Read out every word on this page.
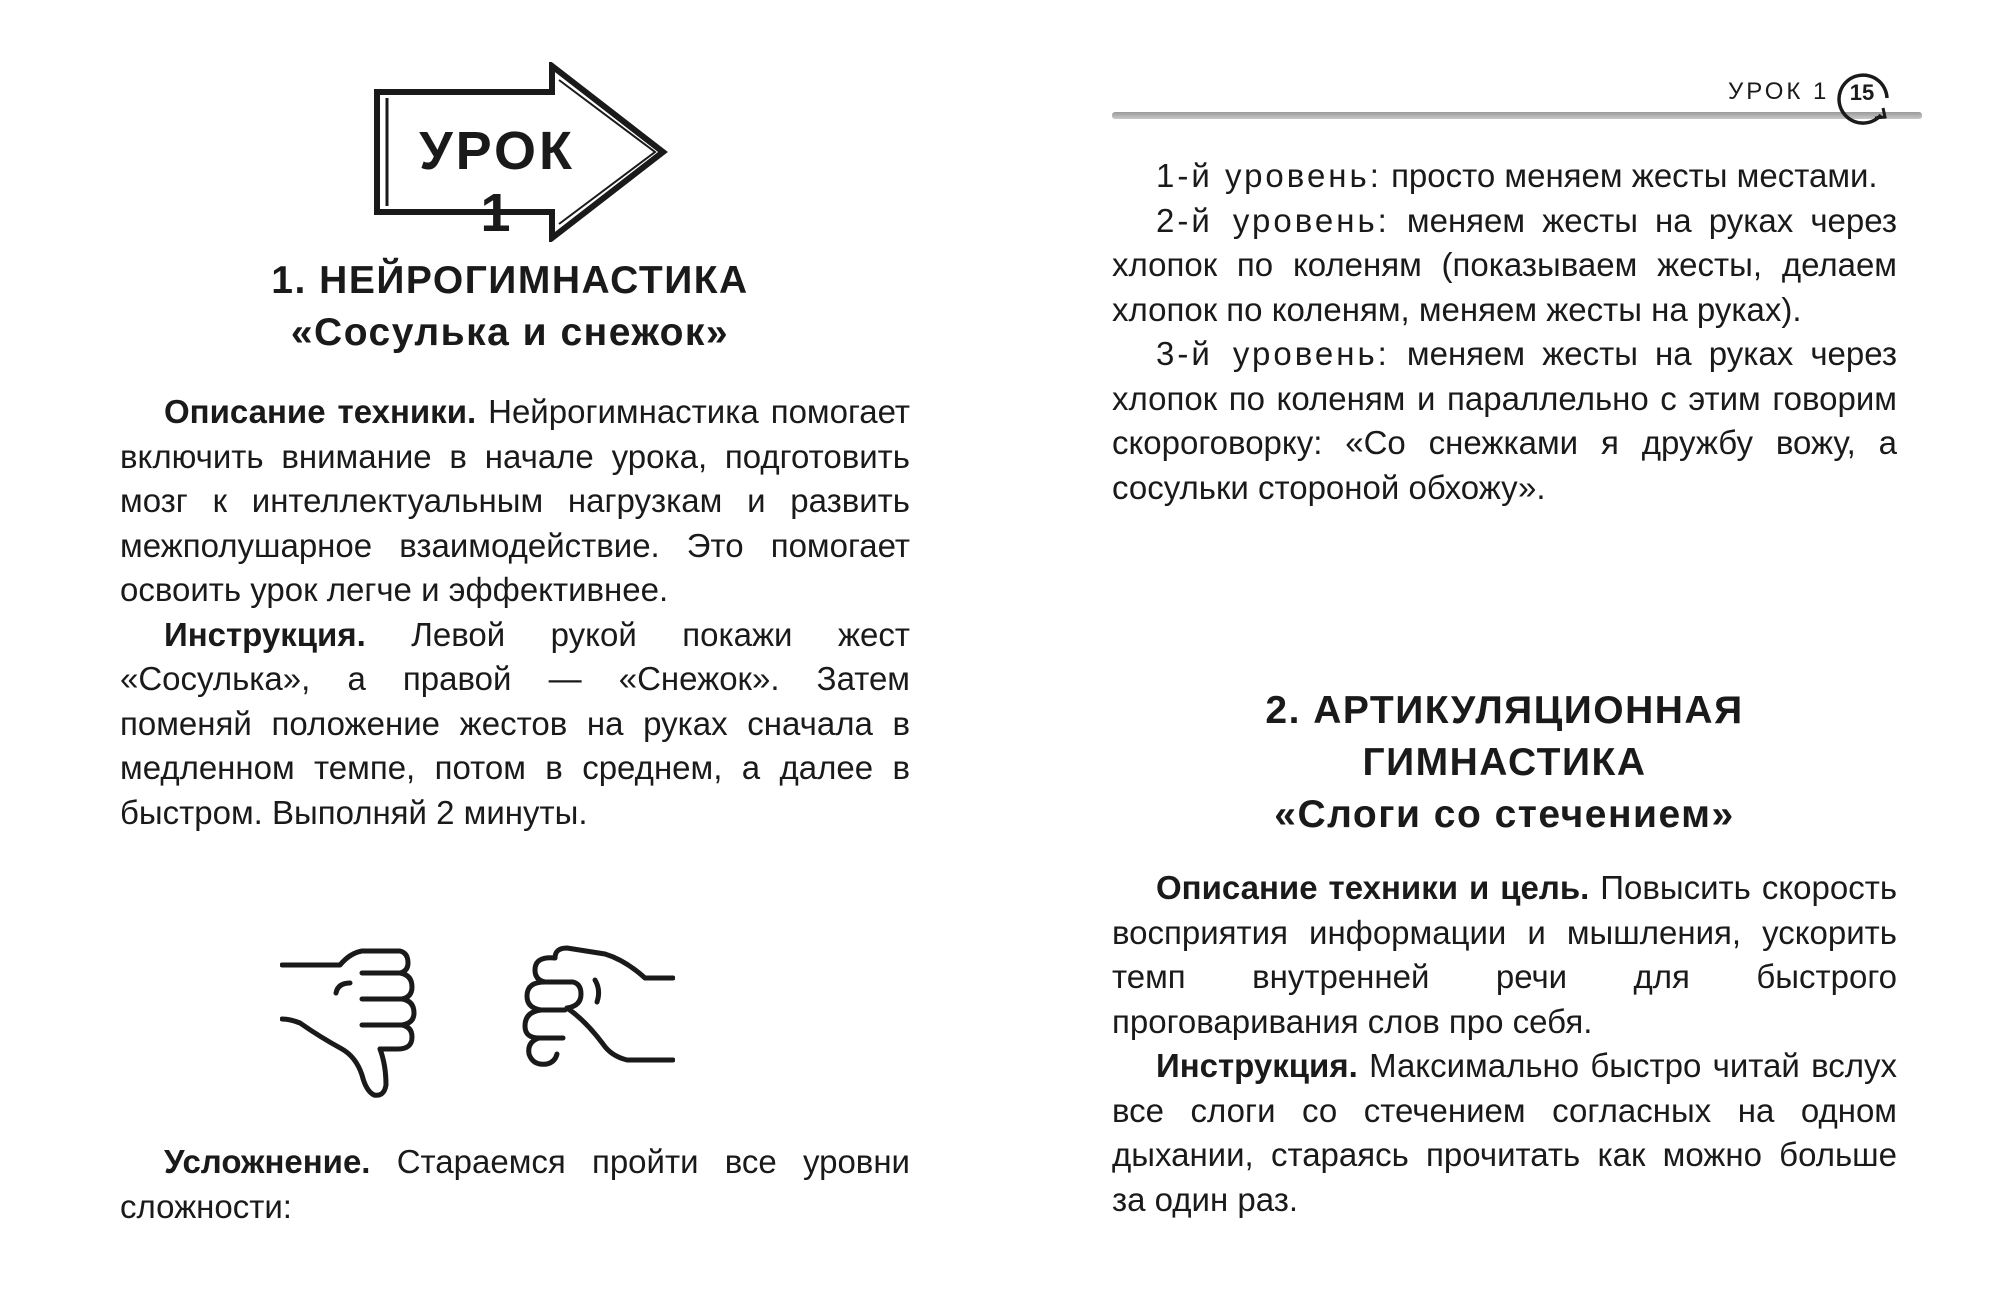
УРОК 1
1. НЕЙРОГИМНАСТИКА
«Сосулька и снежок»

Описание техники. Нейрогимнастика помогает включить внимание в начале урока, подготовить мозг к интеллектуальным нагрузкам и развить межполушарное взаимодействие. Это помогает освоить урок легче и эффективнее.

Инструкция. Левой рукой покажи жест «Сосулька», а правой — «Снежок». Затем поменяй положение жестов на руках сначала в медленном темпе, потом в среднем, а далее в быстром. Выполняй 2 минуты.

Усложнение. Стараемся пройти все уровни сложности:

УРОК 1 15

1-й уровень: просто меняем жесты местами.

2-й уровень: меняем жесты на руках через хлопок по коленям (показываем жесты, делаем хлопок по коленям, меняем жесты на руках).

3-й уровень: меняем жесты на руках через хлопок по коленям и параллельно с этим говорим скороговорку: «Со снежками я дружбу вожу, а сосульки стороной обхожу».

2. АРТИКУЛЯЦИОННАЯ
ГИМНАСТИКА
«Слоги со стечением»

Описание техники и цель. Повысить скорость восприятия информации и мышления, ускорить темп внутренней речи для быстрого проговаривания слов про себя.

Инструкция. Максимально быстро читай вслух все слоги со стечением согласных на одном дыхании, стараясь прочитать как можно больше за один раз.
